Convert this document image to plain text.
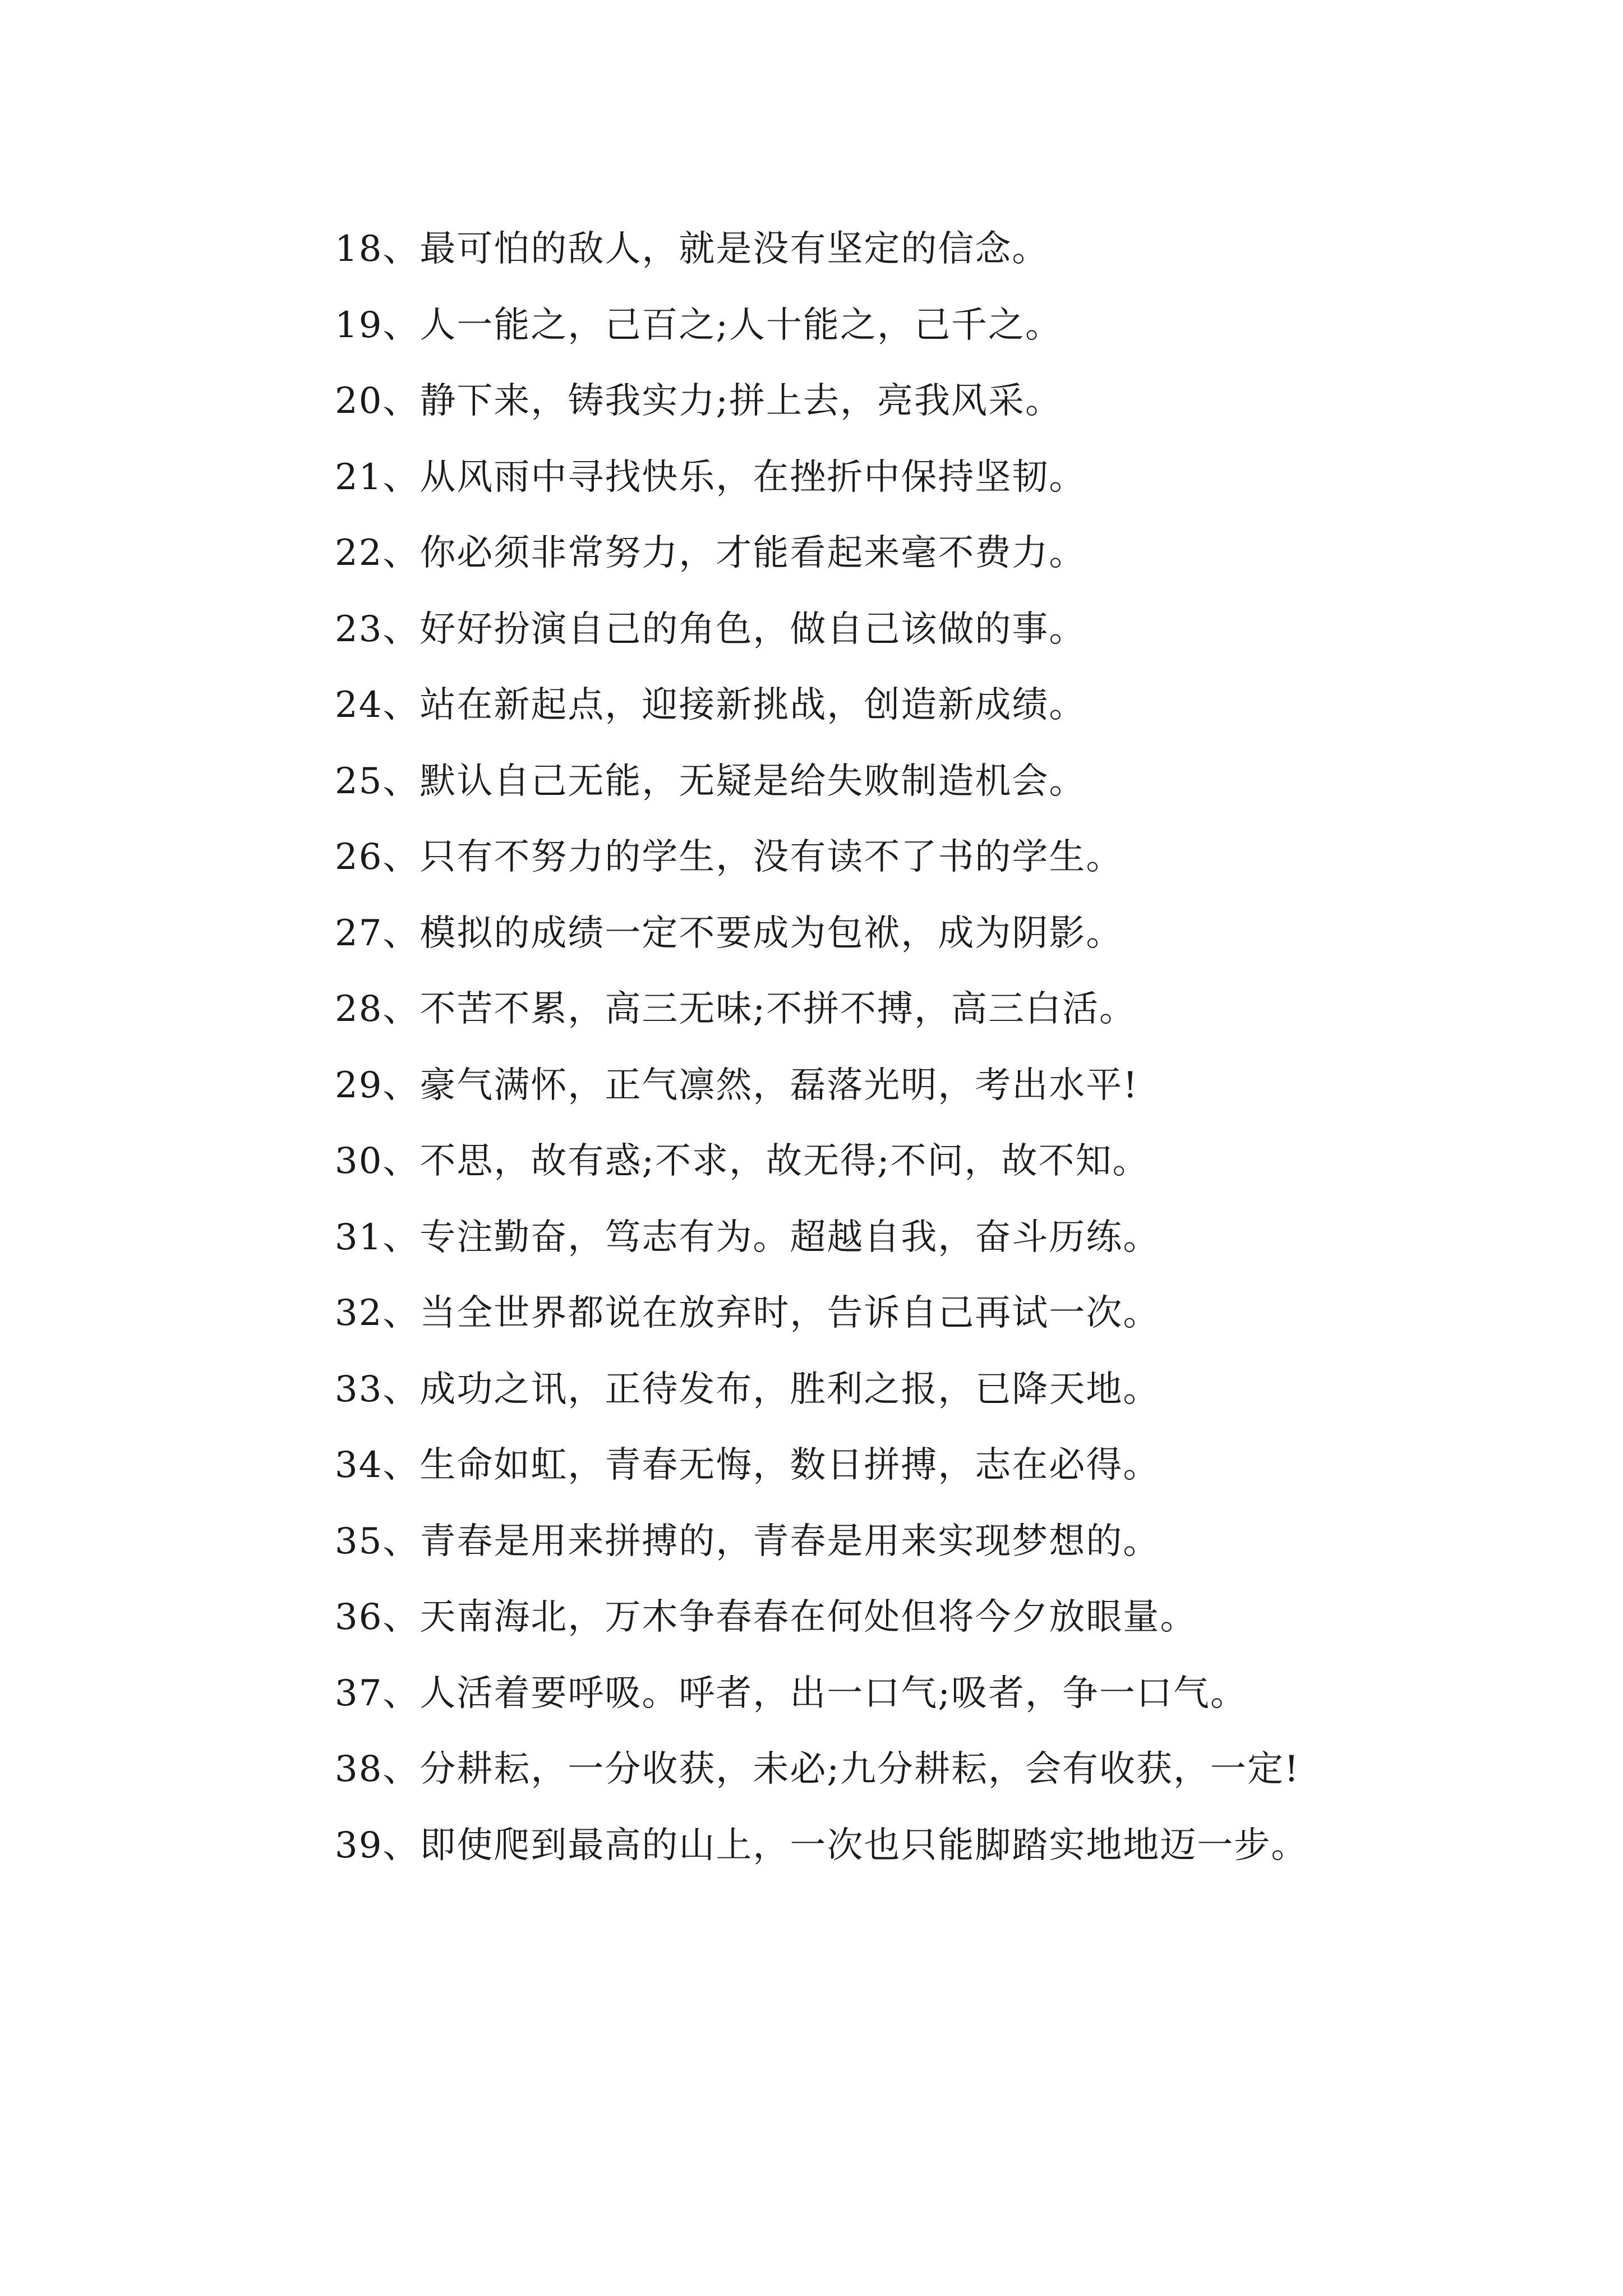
18、最可怕的敌人，就是没有坚定的信念。

19、人一能之，己百之;人十能之，己千之。

20、静下来，铸我实力;拼上去，亮我风采。

21、从风雨中寻找快乐，在挫折中保持坚韧。

22、你必须非常努力，才能看起来毫不费力。

23、好好扮演自己的角色，做自己该做的事。

24、站在新起点，迎接新挑战，创造新成绩。

25、默认自己无能，无疑是给失败制造机会。

26、只有不努力的学生，没有读不了书的学生。

27、模拟的成绩一定不要成为包袱，成为阴影。

28、不苦不累，高三无味;不拼不搏，高三白活。

29、豪气满怀，正气凛然，磊落光明，考出水平!

30、不思，故有惑;不求，故无得;不问，故不知。

31、专注勤奋，笃志有为。超越自我，奋斗历练。

32、当全世界都说在放弃时，告诉自己再试一次。

33、成功之讯，正待发布，胜利之报，已降天地。

34、生命如虹，青春无悔，数日拼搏，志在必得。

35、青春是用来拼搏的，青春是用来实现梦想的。

36、天南海北，万木争春春在何处但将今夕放眼量。

37、人活着要呼吸。呼者，出一口气;吸者，争一口气。

38、分耕耘，一分收获，未必;九分耕耘，会有收获，一定!

39、即使爬到最高的山上，一次也只能脚踏实地地迈一步。
